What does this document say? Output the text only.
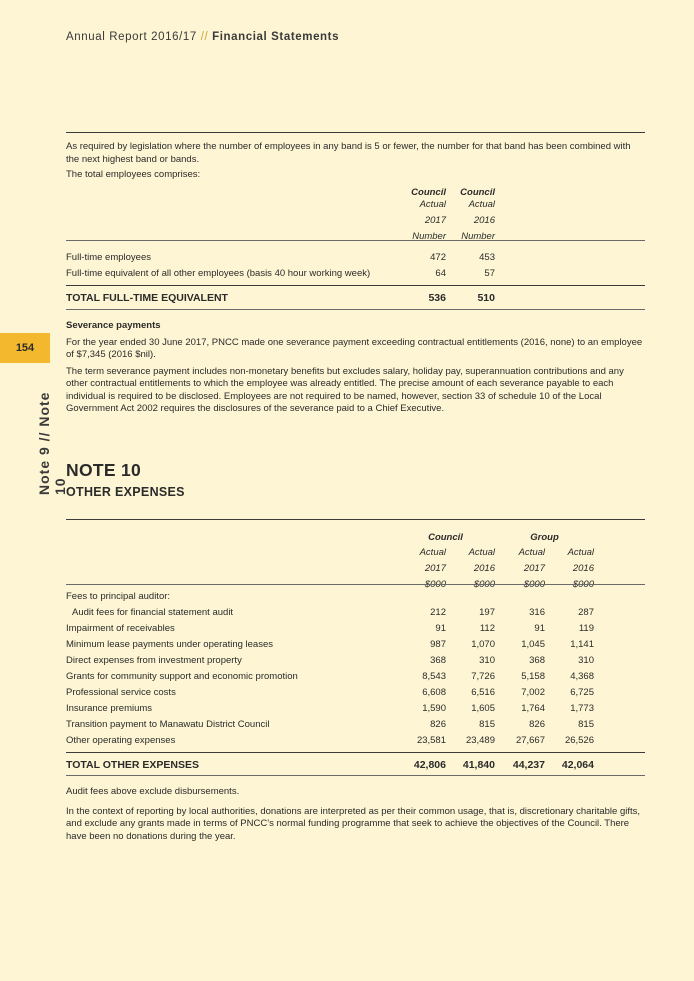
Annual Report 2016/17 // Financial Statements
154
Note 9 // Note 10

As required by legislation where the number of employees in any band is 5 or fewer, the number for that band has been combined with the next highest band or bands.

The total employees comprises:

	Council	Council	
	Actual	Actual	
	2017	2016	
	Number	Number	
Full-time employees	472	453	
Full-time equivalent of all other employees (basis 40 hour working week)	64	57	
TOTAL FULL-TIME EQUIVALENT	536	510	

Severance payments

For the year ended 30 June 2017, PNCC made one severance payment exceeding contractual entitlements (2016, none) to an employee of $7,345 (2016 $nil).

The term severance payment includes non-monetary benefits but excludes salary, holiday pay, superannuation contributions and any other contractual entitlements to which the employee was already entitled. The precise amount of each severance payable to each individual is required to be disclosed. Employees are not required to be named, however, section 33 of schedule 10 of the Local Government Act 2002 requires the disclosures of the severance paid to a Chief Executive.

NOTE 10
OTHER EXPENSES
	Council		Group		
	Actual	Actual	Actual	Actual	
	2017	2016	2017	2016	
	$000	$000	$000	$000	
Fees to principal auditor:					
Audit fees for financial statement audit	212	197	316	287	
Impairment of receivables	91	112	91	119	
Minimum lease payments under operating leases	987	1,070	1,045	1,141	
Direct expenses from investment property	368	310	368	310	
Grants for community support and economic promotion	8,543	7,726	5,158	4,368	
Professional service costs	6,608	6,516	7,002	6,725	
Insurance premiums	1,590	1,605	1,764	1,773	
Transition payment to Manawatu District Council	826	815	826	815	
Other operating expenses	23,581	23,489	27,667	26,526	
TOTAL OTHER EXPENSES	42,806	41,840	44,237	42,064	

Audit fees above exclude disbursements.

In the context of reporting by local authorities, donations are interpreted as per their common usage, that is, discretionary charitable gifts, and exclude any grants made in terms of PNCC’s normal funding programme that seek to achieve the objectives of the Council. There have been no donations during the year.
